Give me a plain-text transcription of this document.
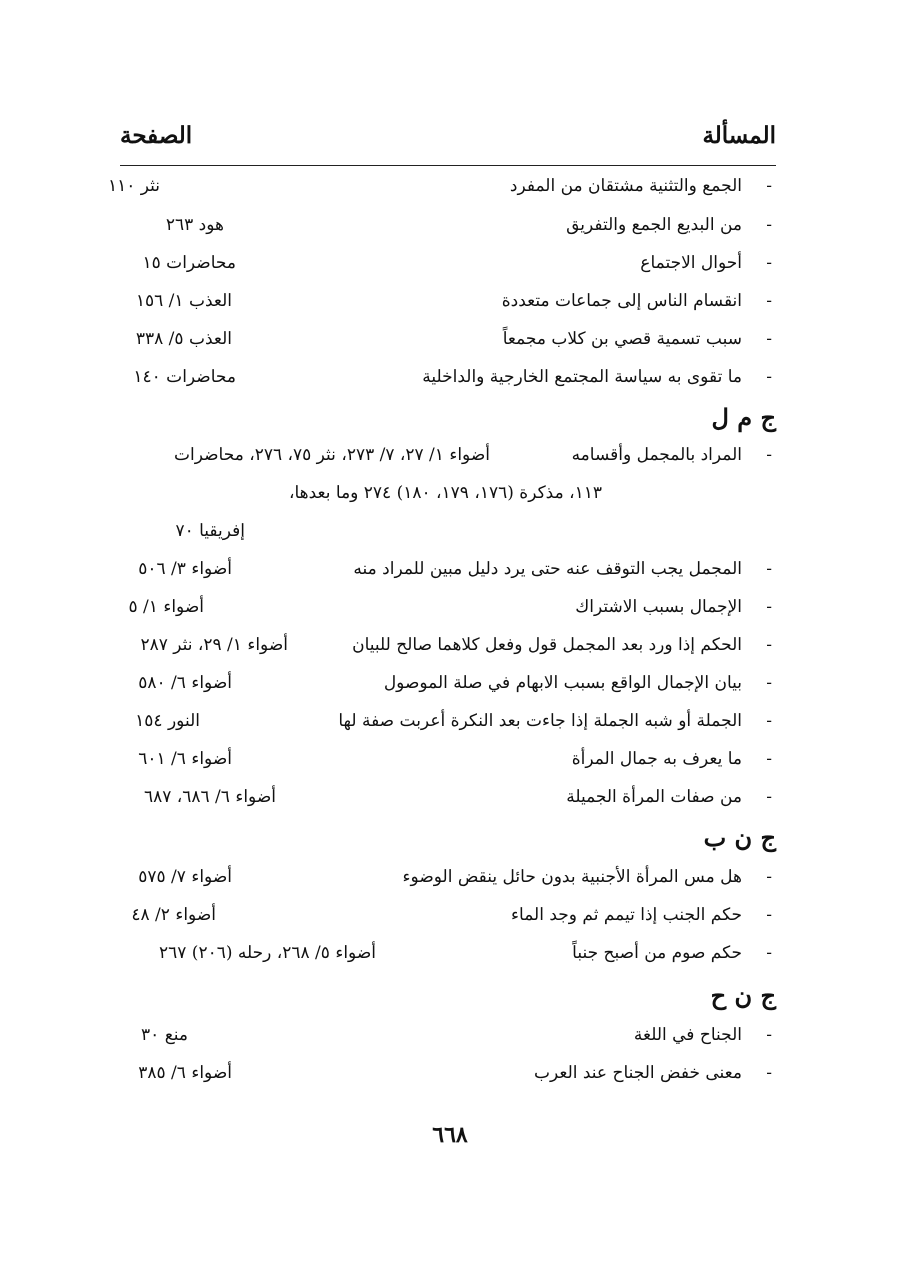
المسألة
الصفحة
-
الجمع والتثنية مشتقان من المفرد
نثر ١١٠
-
من البديع الجمع والتفريق
هود ٢٦٣
-
أحوال الاجتماع
محاضرات ١٥
-
انقسام الناس إلى جماعات متعددة
العذب ١/ ١٥٦
-
سبب تسمية قصي بن كلاب مجمعاً
العذب ٥/ ٣٣٨
-
ما تقوى به سياسة المجتمع الخارجية والداخلية
محاضرات ١٤٠
ج م ل
-
المراد بالمجمل وأقسامه
أضواء ١/ ٢٧، ٧/ ٢٧٣، نثر ٧٥، ٢٧٦، محاضرات
١١٣، مذكرة (١٧٦، ١٧٩، ١٨٠) ٢٧٤ وما بعدها،
إفريقيا ٧٠
-
المجمل يجب التوقف عنه حتى يرد دليل مبين للمراد منه
أضواء ٣/ ٥٠٦
-
الإجمال بسبب الاشتراك
أضواء ١/ ٥
-
الحكم إذا ورد بعد المجمل قول وفعل كلاهما صالح للبيان
أضواء ١/ ٢٩، نثر ٢٨٧
-
بيان الإجمال الواقع بسبب الابهام في صلة الموصول
أضواء ٦/ ٥٨٠
-
الجملة أو شبه الجملة إذا جاءت بعد النكرة أعربت صفة لها
النور ١٥٤
-
ما يعرف به جمال المرأة
أضواء ٦/ ٦٠١
-
من صفات المرأة الجميلة
أضواء ٦/ ٦٨٦، ٦٨٧
ج ن ب
-
هل مس المرأة الأجنبية بدون حائل ينقض الوضوء
أضواء ٧/ ٥٧٥
-
حكم الجنب إذا تيمم ثم وجد الماء
أضواء ٢/ ٤٨
-
حكم صوم من أصبح جنباً
أضواء ٥/ ٢٦٨، رحله (٢٠٦) ٢٦٧
ج ن ح
-
الجناح في اللغة
منع ٣٠
-
معنى خفض الجناح عند العرب
أضواء ٦/ ٣٨٥
٦٦٨
